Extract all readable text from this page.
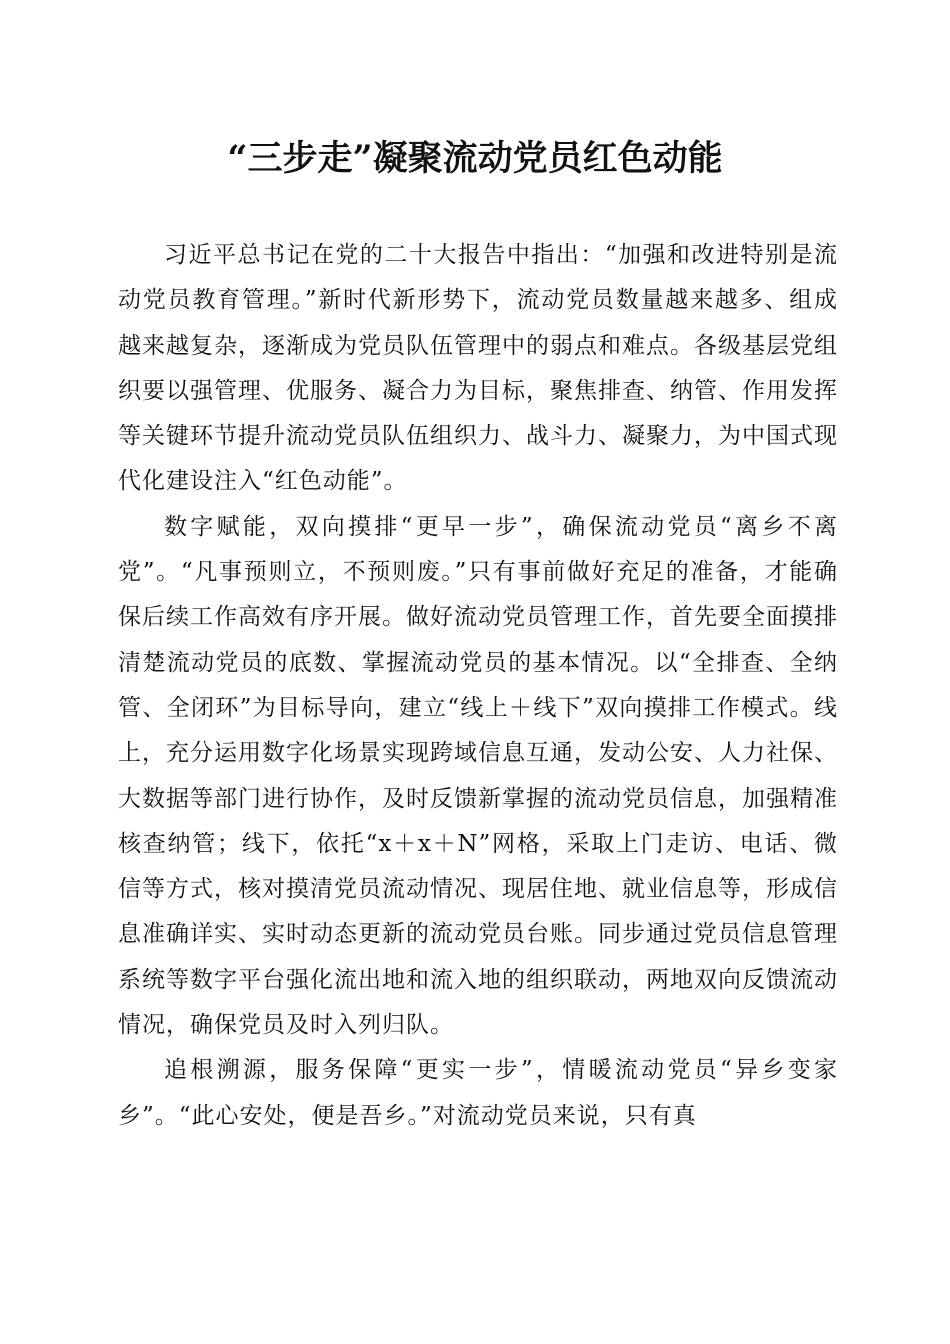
“三步走”凝聚流动党员红色动能

习近平总书记在党的二十大报告中指出：“加强和改进特别是流动党员教育管理。”新时代新形势下，流动党员数量越来越多、组成越来越复杂，逐渐成为党员队伍管理中的弱点和难点。各级基层党组织要以强管理、优服务、凝合力为目标，聚焦排查、纳管、作用发挥等关键环节提升流动党员队伍组织力、战斗力、凝聚力，为中国式现代化建设注入“红色动能”。

数字赋能，双向摸排“更早一步”，确保流动党员“离乡不离党”。“凡事预则立，不预则废。”只有事前做好充足的准备，才能确保后续工作高效有序开展。做好流动党员管理工作，首先要全面摸排清楚流动党员的底数、掌握流动党员的基本情况。以“全排查、全纳管、全闭环”为目标导向，建立“线上＋线下”双向摸排工作模式。线上，充分运用数字化场景实现跨域信息互通，发动公安、人力社保、大数据等部门进行协作，及时反馈新掌握的流动党员信息，加强精准核查纳管；线下，依托“x＋x＋N”网格，采取上门走访、电话、微信等方式，核对摸清党员流动情况、现居住地、就业信息等，形成信息准确详实、实时动态更新的流动党员台账。同步通过党员信息管理系统等数字平台强化流出地和流入地的组织联动，两地双向反馈流动情况，确保党员及时入列归队。

追根溯源，服务保障“更实一步”，情暖流动党员“异乡变家乡”。“此心安处，便是吾乡。”对流动党员来说，只有真
